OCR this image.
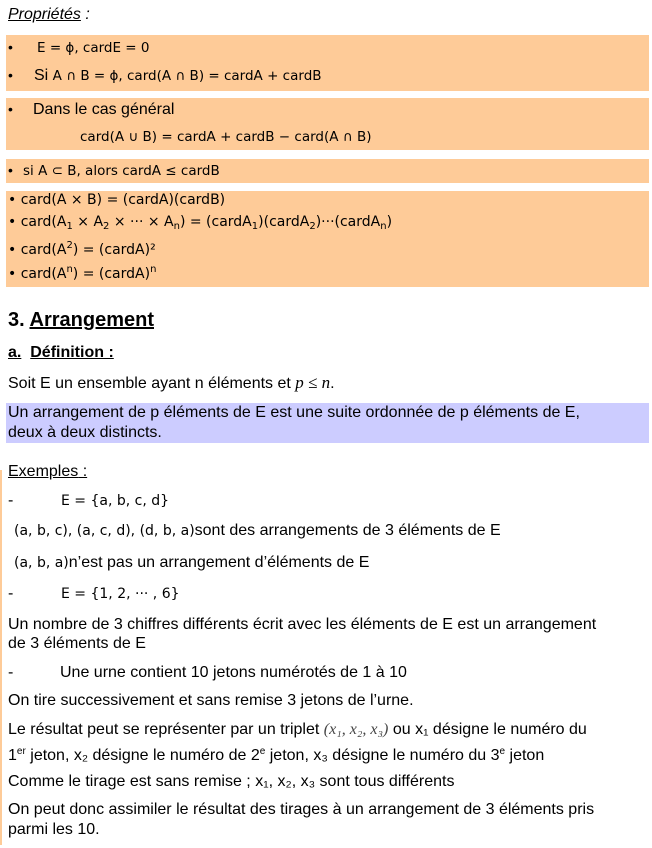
Propriétés :
• E = ϕ, cardE = 0
• Si A ∩ B = ϕ, card(A ∩ B) = cardA + cardB
• Dans le cas général
card(A ∪ B) = cardA + cardB − card(A ∩ B)
• si A ⊂ B, alors cardA ≤ cardB
• card(A × B) = (cardA)(cardB)
• $card(A_1 \times A_2$ × ··· × $A_n$) = (cardA$_1$)(cardA$_2$)···(cardA$_n$)
• $card(A^2)$ = (cardA)²
• $card(A^n)$ = (cardA)$^n$
3. Arrangement
a. Définition :
Soit E un ensemble ayant n éléments et p ≤ n.
Un arrangement de p éléments de E est une suite ordonnée de p éléments de E,
deux à deux distincts.
Exemples :
-	E = {a, b, c, d}
(a, b, c), (a, c, d), (d, b, a)sont des arrangements de 3 éléments de E
(a, b, a)n’est pas un arrangement d’éléments de E
-	E = {1, 2, ··· , 6}
Un nombre de 3 chiffres différents écrit avec les éléments de E est un arrangement
de 3 éléments de E
-	Une urne contient 10 jetons numérotés de 1 à 10
On tire successivement et sans remise 3 jetons de l’urne.
Le résultat peut se représenter par un triplet (x₁, x₂, x₃) ou x₁ désigne le numéro du
1er jeton, x₂ désigne le numéro de 2e jeton, x₃ désigne le numéro du 3e jeton
Comme le tirage est sans remise ; x₁, x₂, x₃ sont tous différents
On peut donc assimiler le résultat des tirages à un arrangement de 3 éléments pris
parmi les 10.
